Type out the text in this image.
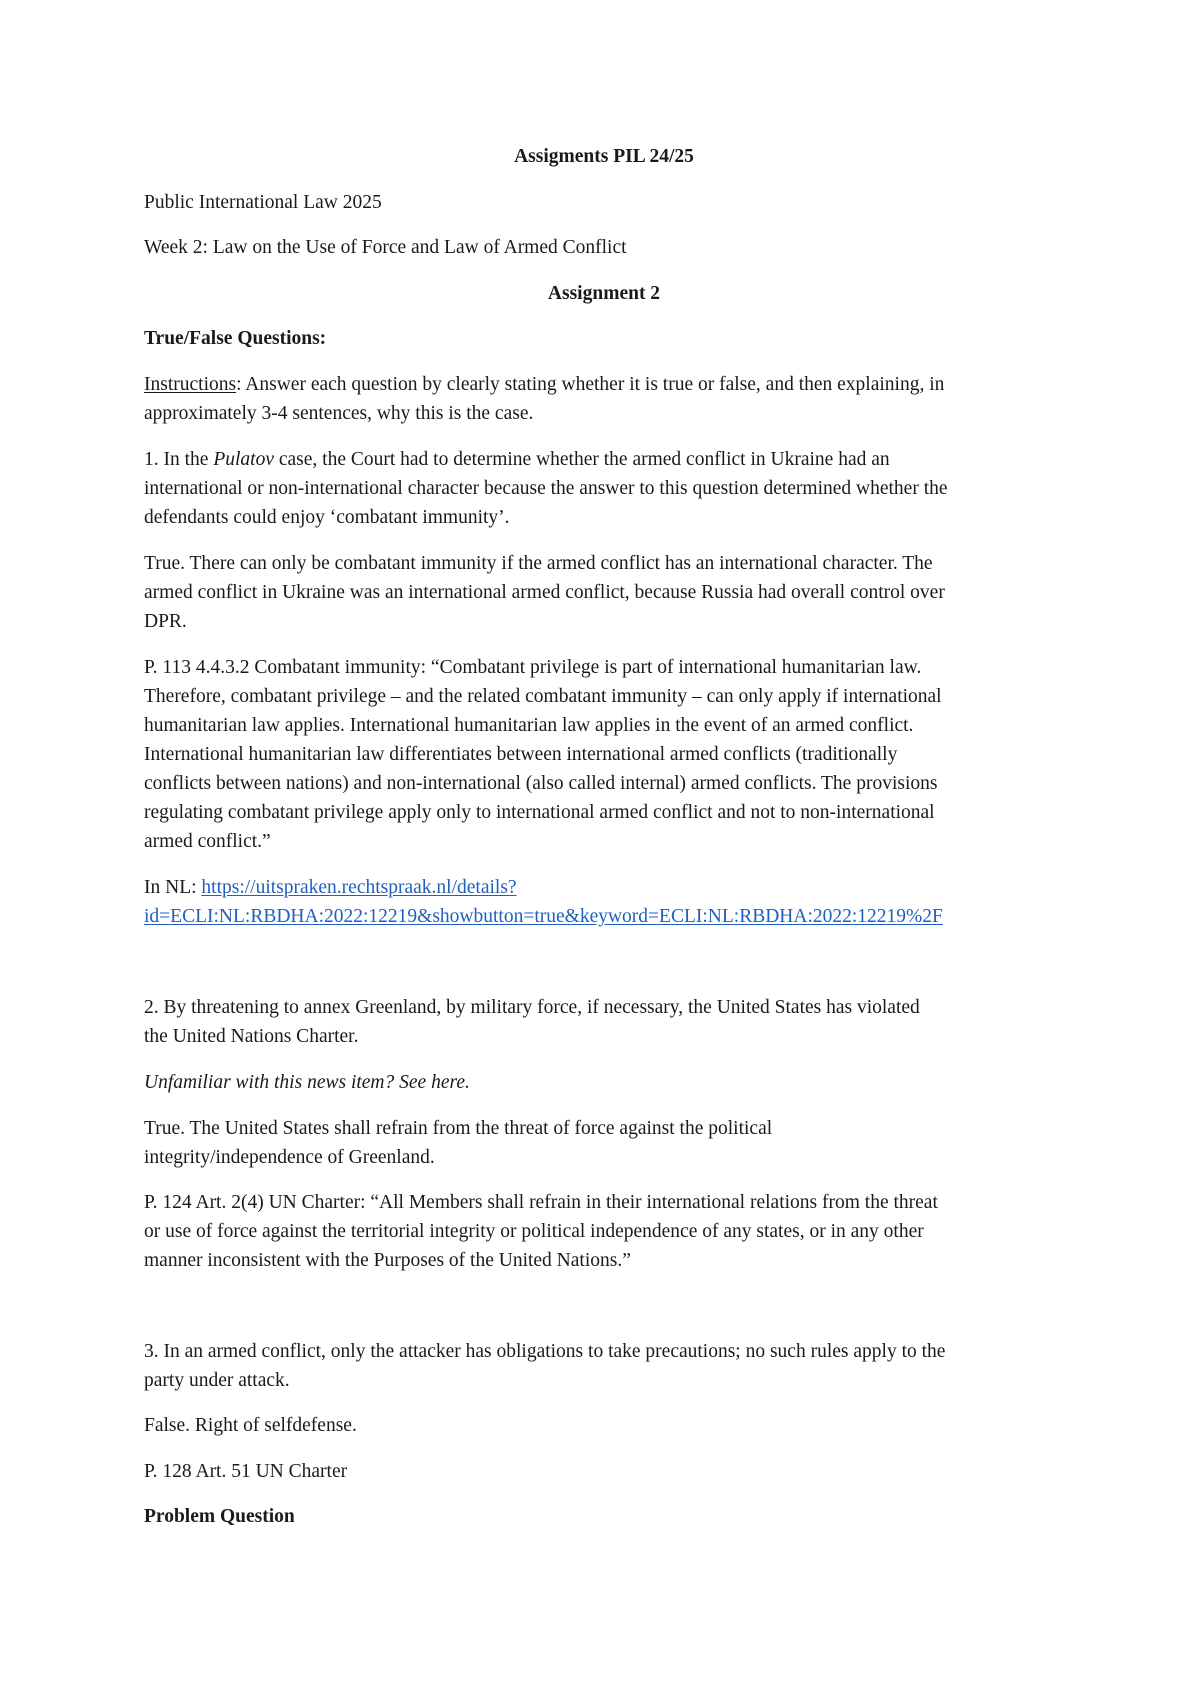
Assigments PIL 24/25
Public International Law 2025
Week 2: Law on the Use of Force and Law of Armed Conflict
Assignment 2
True/False Questions:
Instructions: Answer each question by clearly stating whether it is true or false, and then explaining, in
approximately 3-4 sentences, why this is the case.
1. In the Pulatov case, the Court had to determine whether the armed conflict in Ukraine had an
international or non-international character because the answer to this question determined whether the
defendants could enjoy ‘combatant immunity’.
True. There can only be combatant immunity if the armed conflict has an international character. The
armed conflict in Ukraine was an international armed conflict, because Russia had overall control over
DPR.
P. 113 4.4.3.2 Combatant immunity: “Combatant privilege is part of international humanitarian law.
Therefore, combatant privilege – and the related combatant immunity – can only apply if international
humanitarian law applies. International humanitarian law applies in the event of an armed conflict.
International humanitarian law differentiates between international armed conflicts (traditionally
conflicts between nations) and non-international (also called internal) armed conflicts. The provisions
regulating combatant privilege apply only to international armed conflict and not to non-international
armed conflict.”
In NL: https://uitspraken.rechtspraak.nl/details?
id=ECLI:NL:RBDHA:2022:12219&showbutton=true&keyword=ECLI:NL:RBDHA:2022:12219%2F
2. By threatening to annex Greenland, by military force, if necessary, the United States has violated
the United Nations Charter.
Unfamiliar with this news item? See here.
True. The United States shall refrain from the threat of force against the political
integrity/independence of Greenland.
P. 124 Art. 2(4) UN Charter: “All Members shall refrain in their international relations from the threat
or use of force against the territorial integrity or political independence of any states, or in any other
manner inconsistent with the Purposes of the United Nations.”
3. In an armed conflict, only the attacker has obligations to take precautions; no such rules apply to the
party under attack.
False. Right of selfdefense.
P. 128 Art. 51 UN Charter
Problem Question
